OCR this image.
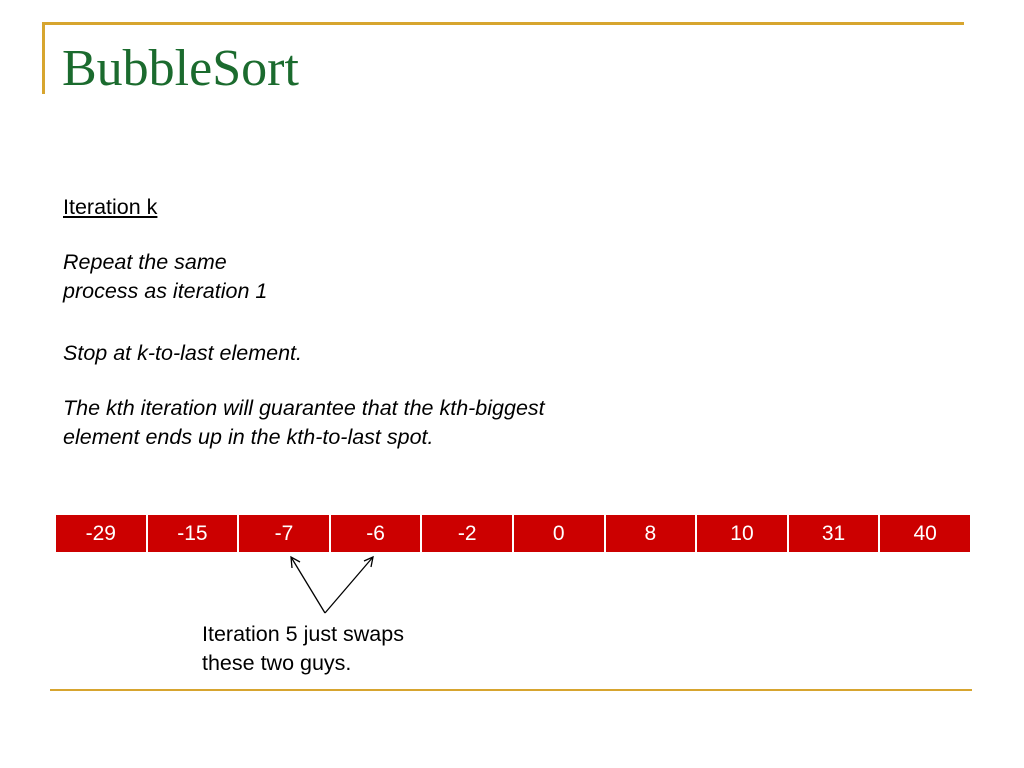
BubbleSort
Iteration k
Repeat the same
process as iteration 1
Stop at k-to-last element.
The kth iteration will guarantee that the kth-biggest
element ends up in the kth-to-last spot.
-29	-15	-7	-6	-2	0	8	10	31	40
Iteration 5 just swaps
these two guys.
